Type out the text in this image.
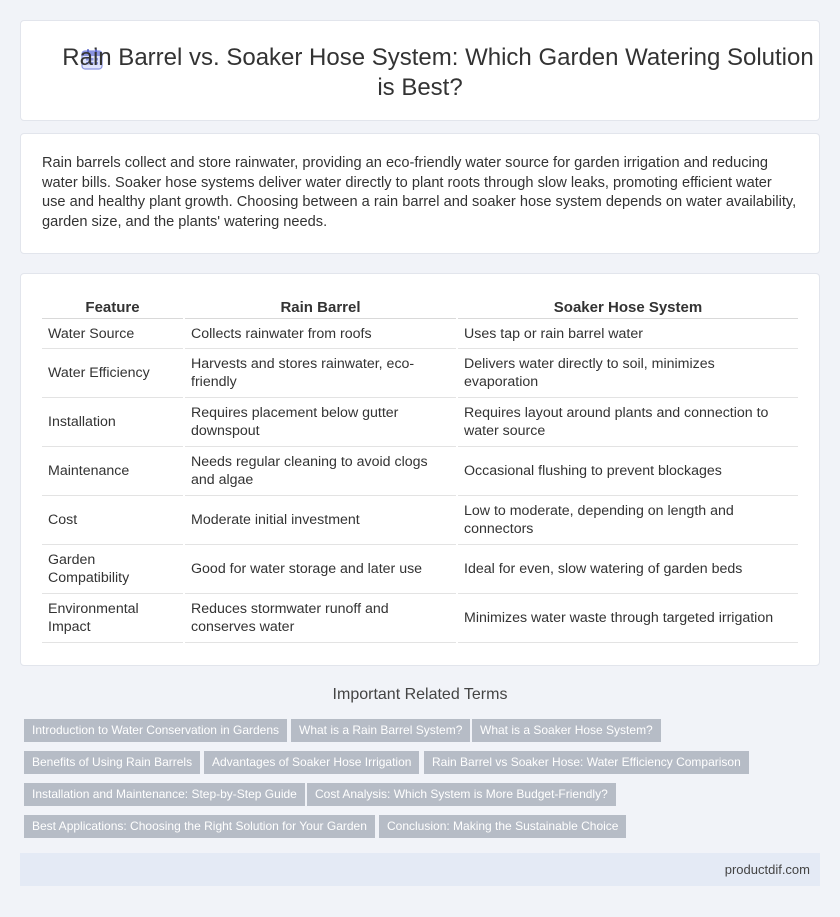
Rain Barrel vs. Soaker Hose System: Which Garden Watering Solution is Best?
Rain barrels collect and store rainwater, providing an eco-friendly water source for garden irrigation and reducing water bills. Soaker hose systems deliver water directly to plant roots through slow leaks, promoting efficient water use and healthy plant growth. Choosing between a rain barrel and soaker hose system depends on water availability, garden size, and the plants' watering needs.
Feature	Rain Barrel	Soaker Hose System
Water Source	Collects rainwater from roofs	Uses tap or rain barrel water
Water Efficiency	Harvests and stores rainwater, eco-friendly	Delivers water directly to soil, minimizes evaporation
Installation	Requires placement below gutter downspout	Requires layout around plants and connection to water source
Maintenance	Needs regular cleaning to avoid clogs and algae	Occasional flushing to prevent blockages
Cost	Moderate initial investment	Low to moderate, depending on length and connectors
Garden Compatibility	Good for water storage and later use	Ideal for even, slow watering of garden beds
Environmental Impact	Reduces stormwater runoff and conserves water	Minimizes water waste through targeted irrigation
Important Related Terms
Introduction to Water Conservation in Gardens	What is a Rain Barrel System?	What is a Soaker Hose System?
Benefits of Using Rain Barrels	Advantages of Soaker Hose Irrigation	Rain Barrel vs Soaker Hose: Water Efficiency Comparison
Installation and Maintenance: Step-by-Step Guide	Cost Analysis: Which System is More Budget-Friendly?
Best Applications: Choosing the Right Solution for Your Garden	Conclusion: Making the Sustainable Choice
productdif.com
